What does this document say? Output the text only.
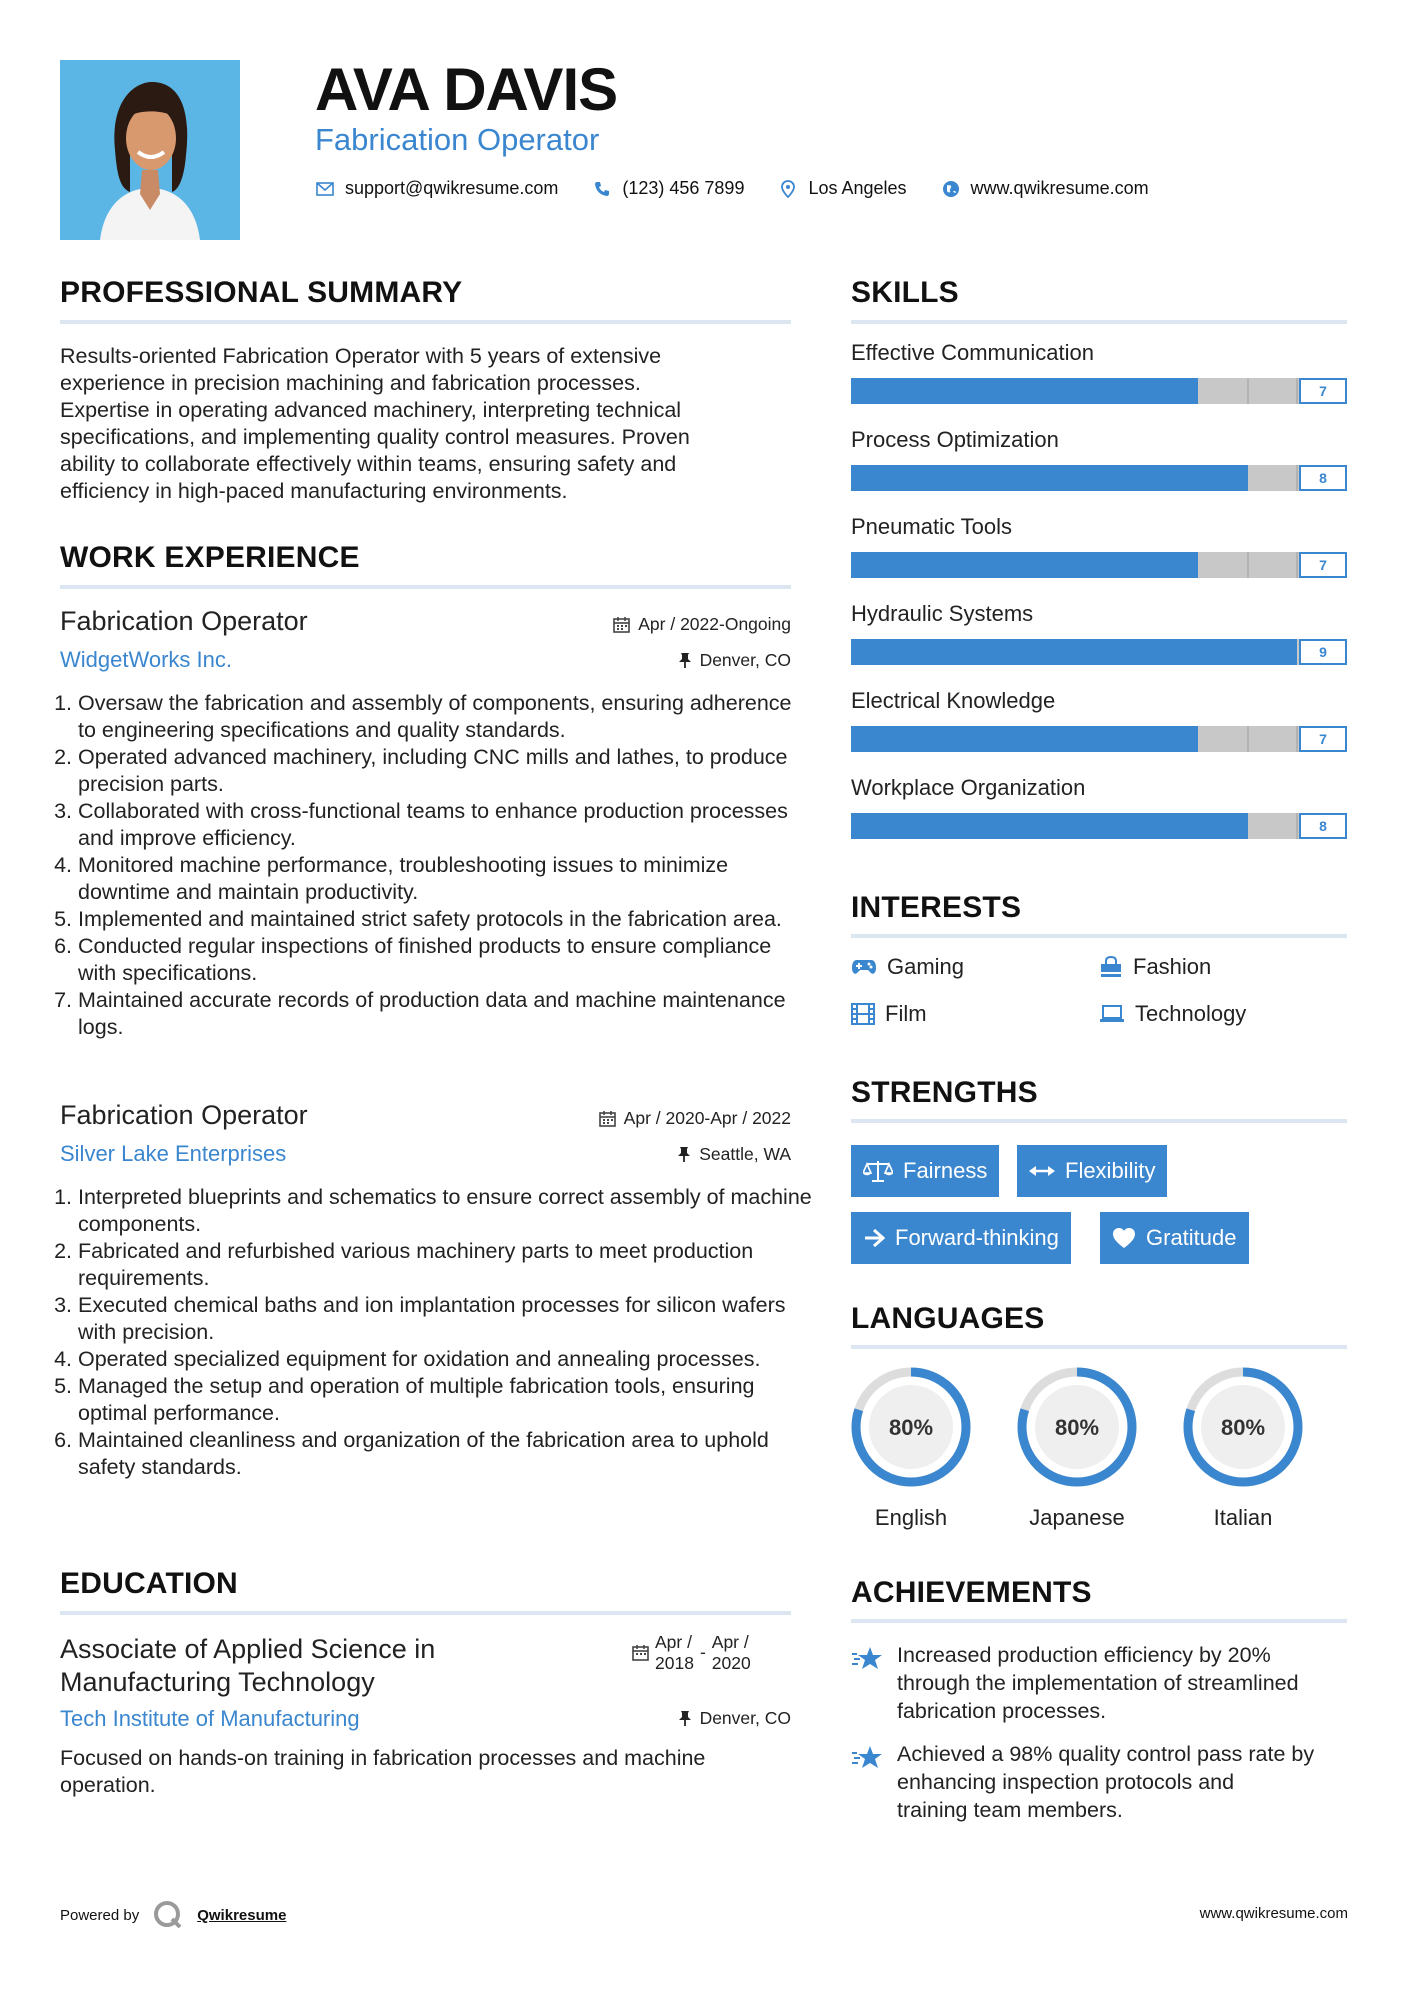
AVA DAVIS
Fabrication Operator
support@qwikresume.com	(123) 456 7899	Los Angeles	www.qwikresume.com
PROFESSIONAL SUMMARY
Results-oriented Fabrication Operator with 5 years of extensive
experience in precision machining and fabrication processes.
Expertise in operating advanced machinery, interpreting technical
specifications, and implementing quality control measures. Proven
ability to collaborate effectively within teams, ensuring safety and
efficiency in high-paced manufacturing environments.
WORK EXPERIENCE
Fabrication Operator	Apr / 2022-Ongoing
WidgetWorks Inc.	Denver, CO
1. Oversaw the fabrication and assembly of components, ensuring adherence to engineering specifications and quality standards.
2. Operated advanced machinery, including CNC mills and lathes, to produce precision parts.
3. Collaborated with cross-functional teams to enhance production processes and improve efficiency.
4. Monitored machine performance, troubleshooting issues to minimize downtime and maintain productivity.
5. Implemented and maintained strict safety protocols in the fabrication area.
6. Conducted regular inspections of finished products to ensure compliance with specifications.
7. Maintained accurate records of production data and machine maintenance logs.
Fabrication Operator	Apr / 2020-Apr / 2022
Silver Lake Enterprises	Seattle, WA
1. Interpreted blueprints and schematics to ensure correct assembly of machine components.
2. Fabricated and refurbished various machinery parts to meet production requirements.
3. Executed chemical baths and ion implantation processes for silicon wafers with precision.
4. Operated specialized equipment for oxidation and annealing processes.
5. Managed the setup and operation of multiple fabrication tools, ensuring optimal performance.
6. Maintained cleanliness and organization of the fabrication area to uphold safety standards.
EDUCATION
Associate of Applied Science in
Manufacturing Technology
Apr /
2018
- Apr /
2020
Tech Institute of Manufacturing	Denver, CO
Focused on hands-on training in fabrication processes and machine
operation.
SKILLS
Effective Communication
7
Process Optimization
8
Pneumatic Tools
7
Hydraulic Systems
9
Electrical Knowledge
7
Workplace Organization
8
INTERESTS
Gaming	Fashion
Film	Technology
STRENGTHS
Fairness	Flexibility
Forward-thinking	Gratitude
LANGUAGES
80%
English
80%
Japanese
80%
Italian
ACHIEVEMENTS
Increased production efficiency by 20%
through the implementation of streamlined
fabrication processes.
Achieved a 98% quality control pass rate by
enhancing inspection protocols and
training team members.
Powered by	Qwikresume	www.qwikresume.com
